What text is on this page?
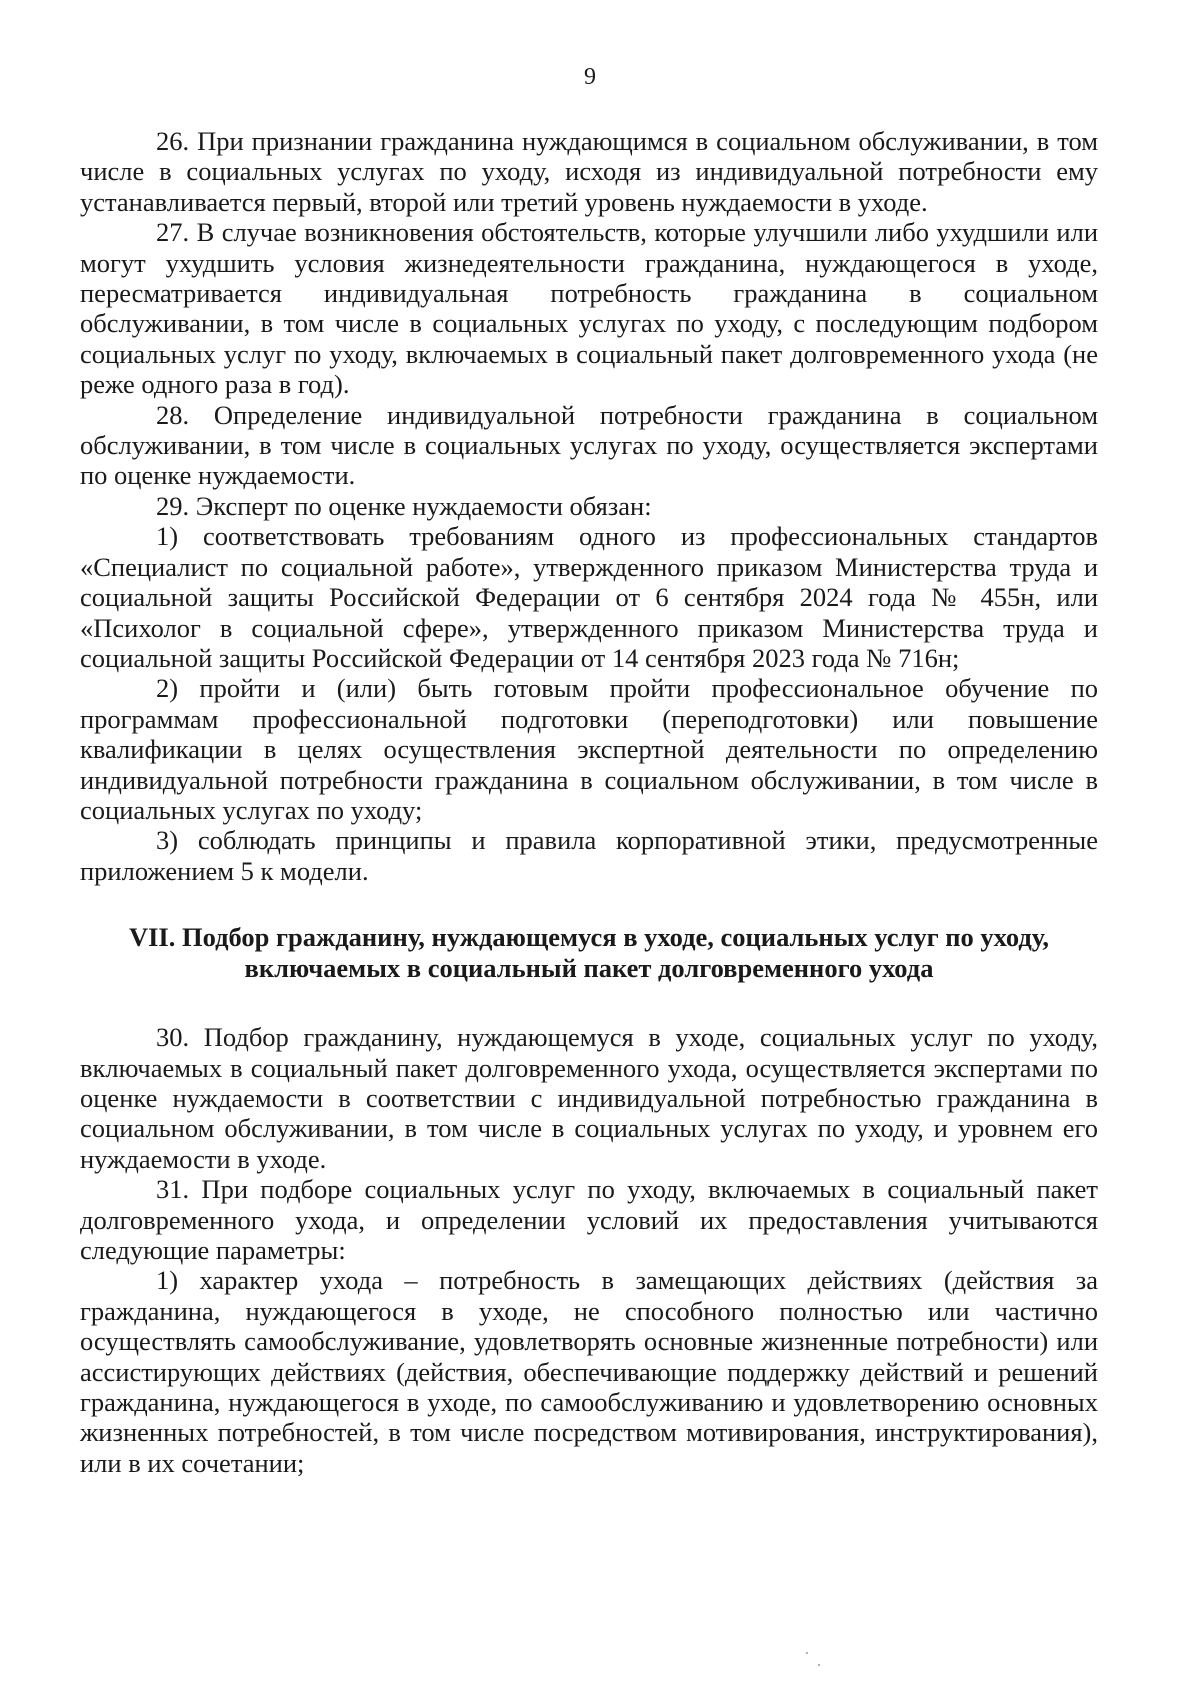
9

26. При признании гражданина нуждающимся в социальном обслуживании, в том числе в социальных услугах по уходу, исходя из индивидуальной потребности ему устанавливается первый, второй или третий уровень нуждаемости в уходе.

27. В случае возникновения обстоятельств, которые улучшили либо ухудшили или могут ухудшить условия жизнедеятельности гражданина, нуждающегося в уходе, пересматривается индивидуальная потребность гражданина в социальном обслуживании, в том числе в социальных услугах по уходу, с последующим подбором социальных услуг по уходу, включаемых в социальный пакет долговременного ухода (не реже одного раза в год).

28. Определение индивидуальной потребности гражданина в социальном обслуживании, в том числе в социальных услугах по уходу, осуществляется экспертами по оценке нуждаемости.

29. Эксперт по оценке нуждаемости обязан:

1) соответствовать требованиям одного из профессиональных стандартов «Специалист по социальной работе», утвержденного приказом Министерства труда и социальной защиты Российской Федерации от 6 сентября 2024 года № 455н, или «Психолог в социальной сфере», утвержденного приказом Министерства труда и социальной защиты Российской Федерации от 14 сентября 2023 года № 716н;

2) пройти и (или) быть готовым пройти профессиональное обучение по программам профессиональной подготовки (переподготовки) или повышение квалификации в целях осуществления экспертной деятельности по определению индивидуальной потребности гражданина в социальном обслуживании, в том числе в социальных услугах по уходу;

3) соблюдать принципы и правила корпоративной этики, предусмотренные приложением 5 к модели.

VII. Подбор гражданину, нуждающемуся в уходе, социальных услуг по уходу,
включаемых в социальный пакет долговременного ухода

30. Подбор гражданину, нуждающемуся в уходе, социальных услуг по уходу, включаемых в социальный пакет долговременного ухода, осуществляется экспертами по оценке нуждаемости в соответствии с индивидуальной потребностью гражданина в социальном обслуживании, в том числе в социальных услугах по уходу, и уровнем его нуждаемости в уходе.

31. При подборе социальных услуг по уходу, включаемых в социальный пакет долговременного ухода, и определении условий их предоставления учитываются следующие параметры:

1) характер ухода – потребность в замещающих действиях (действия за гражданина, нуждающегося в уходе, не способного полностью или частично осуществлять самообслуживание, удовлетворять основные жизненные потребности) или ассистирующих действиях (действия, обеспечивающие поддержку действий и решений гражданина, нуждающегося в уходе, по самообслуживанию и удовлетворению основных жизненных потребностей, в том числе посредством мотивирования, инструктирования), или в их сочетании;
